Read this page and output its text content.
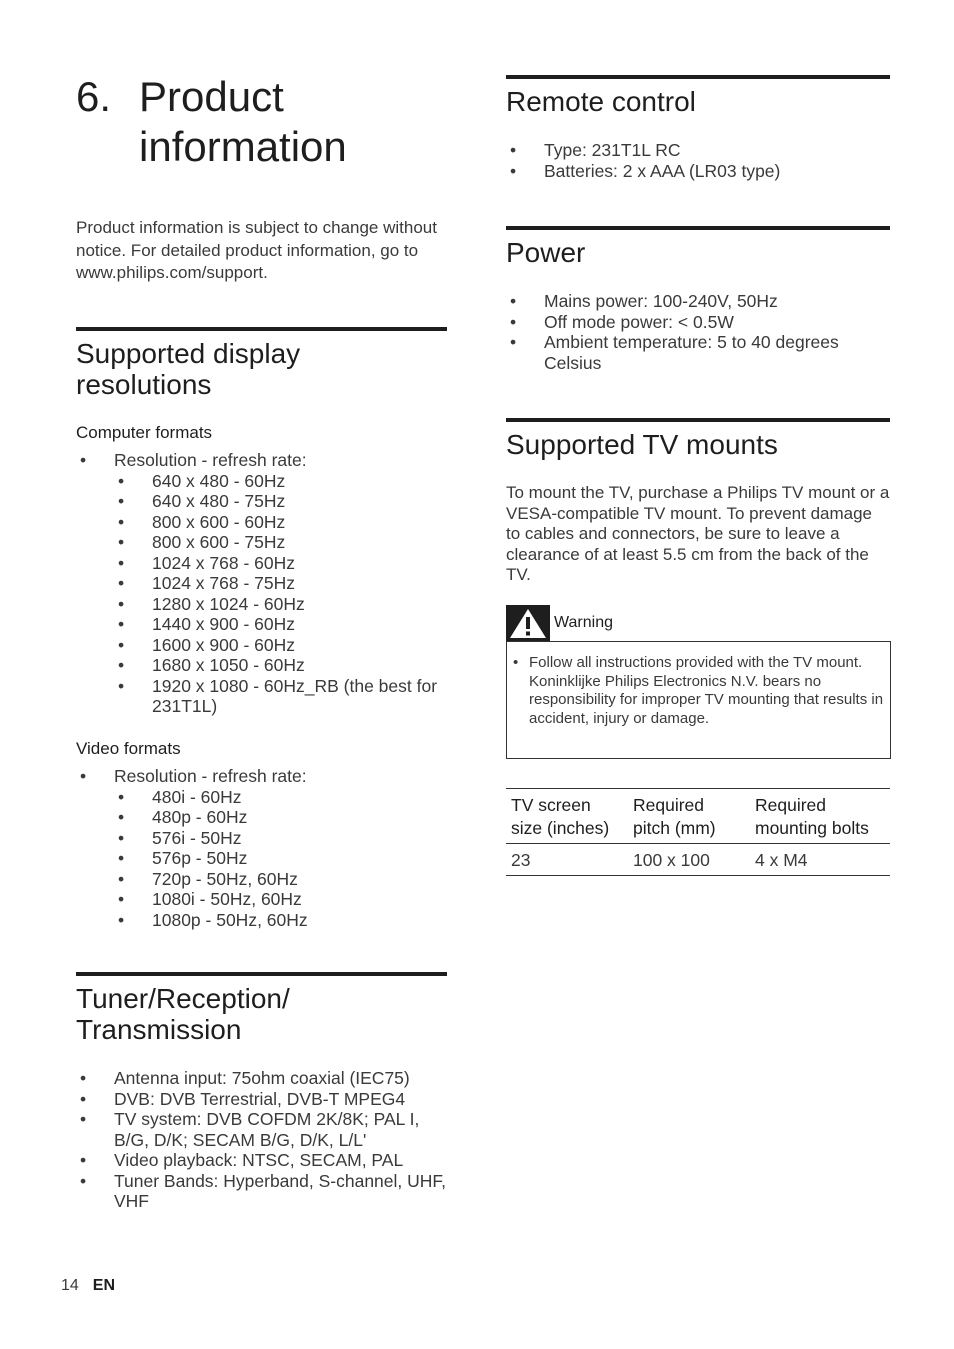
6. Product information
Product information is subject to change without notice. For detailed product information, go to www.philips.com/support.
Supported display resolutions
Computer formats
• Resolution - refresh rate:
• 640 x 480 - 60Hz
• 640 x 480 - 75Hz
• 800 x 600 - 60Hz
• 800 x 600 - 75Hz
• 1024 x 768 - 60Hz
• 1024 x 768 - 75Hz
• 1280 x 1024 - 60Hz
• 1440 x 900 - 60Hz
• 1600 x 900 - 60Hz
• 1680 x 1050 - 60Hz
• 1920 x 1080 - 60Hz_RB (the best for 231T1L)
Video formats
• Resolution - refresh rate:
• 480i - 60Hz
• 480p - 60Hz
• 576i - 50Hz
• 576p - 50Hz
• 720p - 50Hz, 60Hz
• 1080i - 50Hz, 60Hz
• 1080p - 50Hz, 60Hz
Tuner/Reception/ Transmission
• Antenna input: 75ohm coaxial (IEC75)
• DVB: DVB Terrestrial, DVB-T MPEG4
• TV system: DVB COFDM 2K/8K; PAL I, B/G, D/K; SECAM B/G, D/K, L/L'
• Video playback: NTSC, SECAM, PAL
• Tuner Bands: Hyperband, S-channel, UHF, VHF
Remote control
• Type: 231T1L RC
• Batteries: 2 x AAA (LR03 type)
Power
• Mains power: 100-240V, 50Hz
• Off mode power: < 0.5W
• Ambient temperature: 5 to 40 degrees Celsius
Supported TV mounts
To mount the TV, purchase a Philips TV mount or a VESA-compatible TV mount. To prevent damage to cables and connectors, be sure to leave a clearance of at least 5.5 cm from the back of the TV.
Warning
• Follow all instructions provided with the TV mount. Koninklijke Philips Electronics N.V. bears no responsibility for improper TV mounting that results in accident, injury or damage.
TV screen size (inches)	Required pitch (mm)	Required mounting bolts
23	100 x 100	4 x M4
14 EN
